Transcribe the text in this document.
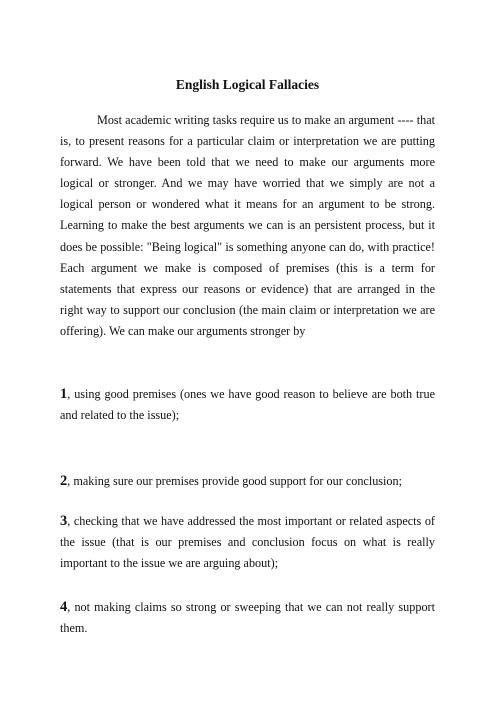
English Logical Fallacies

Most academic writing tasks require us to make an argument ---- that is, to present reasons for a particular claim or interpretation we are putting forward. We have been told that we need to make our arguments more logical or stronger. And we may have worried that we simply are not a logical person or wondered what it means for an argument to be strong. Learning to make the best arguments we can is an persistent process, but it does be possible: "Being logical" is something anyone can do, with practice! Each argument we make is composed of premises (this is a term for statements that express our reasons or evidence) that are arranged in the right way to support our conclusion (the main claim or interpretation we are offering). We can make our arguments stronger by

1, using good premises (ones we have good reason to believe are both true and related to the issue);

2, making sure our premises provide good support for our conclusion;

3, checking that we have addressed the most important or related aspects of the issue (that is our premises and conclusion focus on what is really important to the issue we are arguing about);

4, not making claims so strong or sweeping that we can not really support them.
